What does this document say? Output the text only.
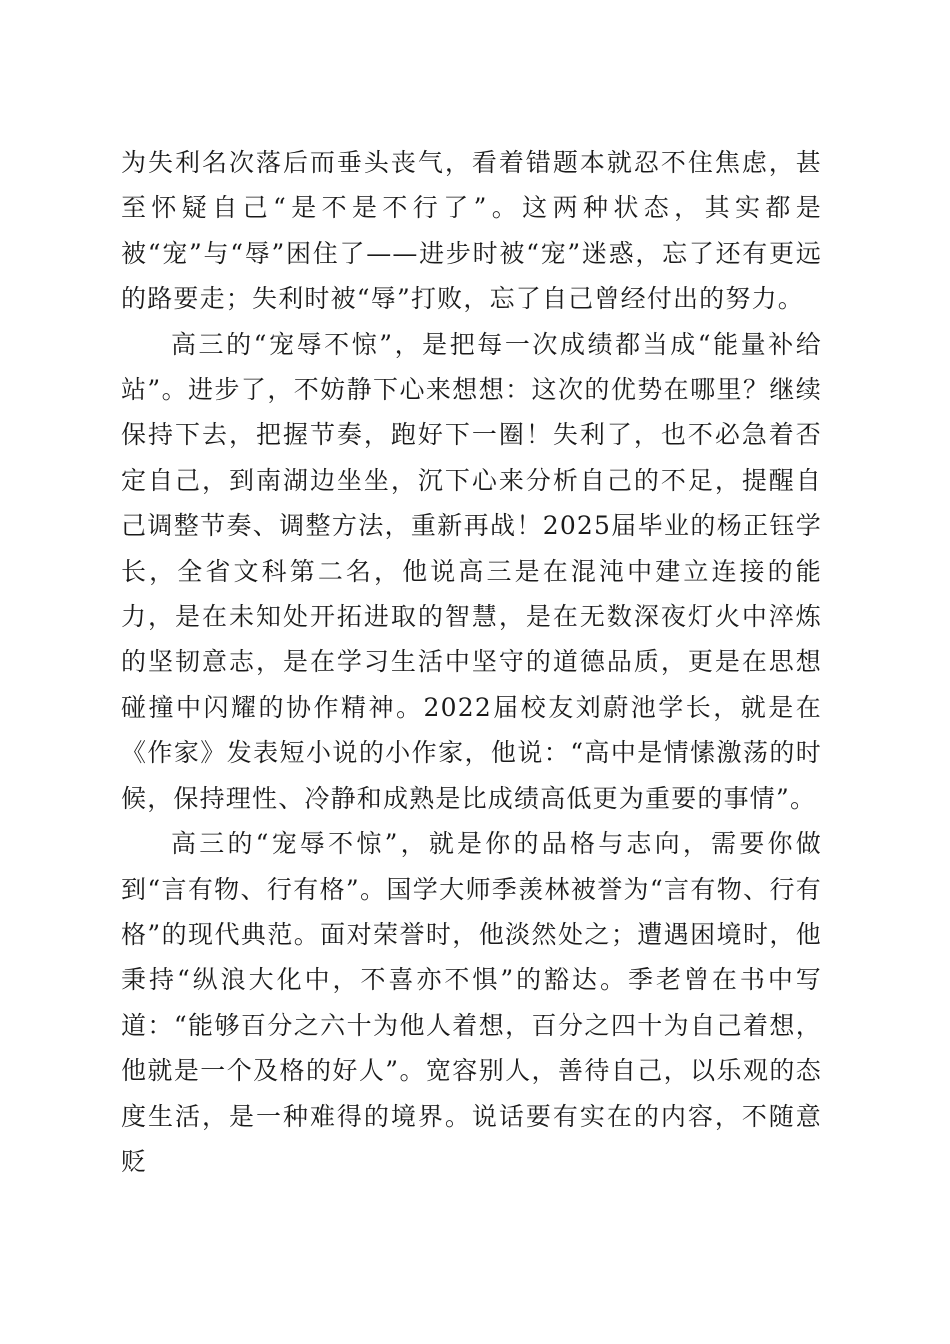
为失利名次落后而垂头丧气，看着错题本就忍不住焦虑，甚至怀疑自己“是不是不行了”。这两种状态，其实都是被“宠”与“辱”困住了——进步时被“宠”迷惑，忘了还有更远的路要走；失利时被“辱”打败，忘了自己曾经付出的努力。

高三的“宠辱不惊”，是把每一次成绩都当成“能量补给站”。进步了，不妨静下心来想想：这次的优势在哪里？继续保持下去，把握节奏，跑好下一圈！失利了，也不必急着否定自己，到南湖边坐坐，沉下心来分析自己的不足，提醒自己调整节奏、调整方法，重新再战！2025届毕业的杨正钰学长，全省文科第二名，他说高三是在混沌中建立连接的能力，是在未知处开拓进取的智慧，是在无数深夜灯火中淬炼的坚韧意志，是在学习生活中坚守的道德品质，更是在思想碰撞中闪耀的协作精神。2022届校友刘蔚池学长，就是在《作家》发表短小说的小作家，他说：“高中是情愫激荡的时候，保持理性、冷静和成熟是比成绩高低更为重要的事情”。

高三的“宠辱不惊”，就是你的品格与志向，需要你做到“言有物、行有格”。国学大师季羡林被誉为“言有物、行有格”的现代典范。面对荣誉时，他淡然处之；遭遇困境时，他秉持“纵浪大化中，不喜亦不惧”的豁达。季老曾在书中写道：“能够百分之六十为他人着想，百分之四十为自己着想，他就是一个及格的好人”。宽容别人，善待自己，以乐观的态度生活，是一种难得的境界。说话要有实在的内容，不随意贬
